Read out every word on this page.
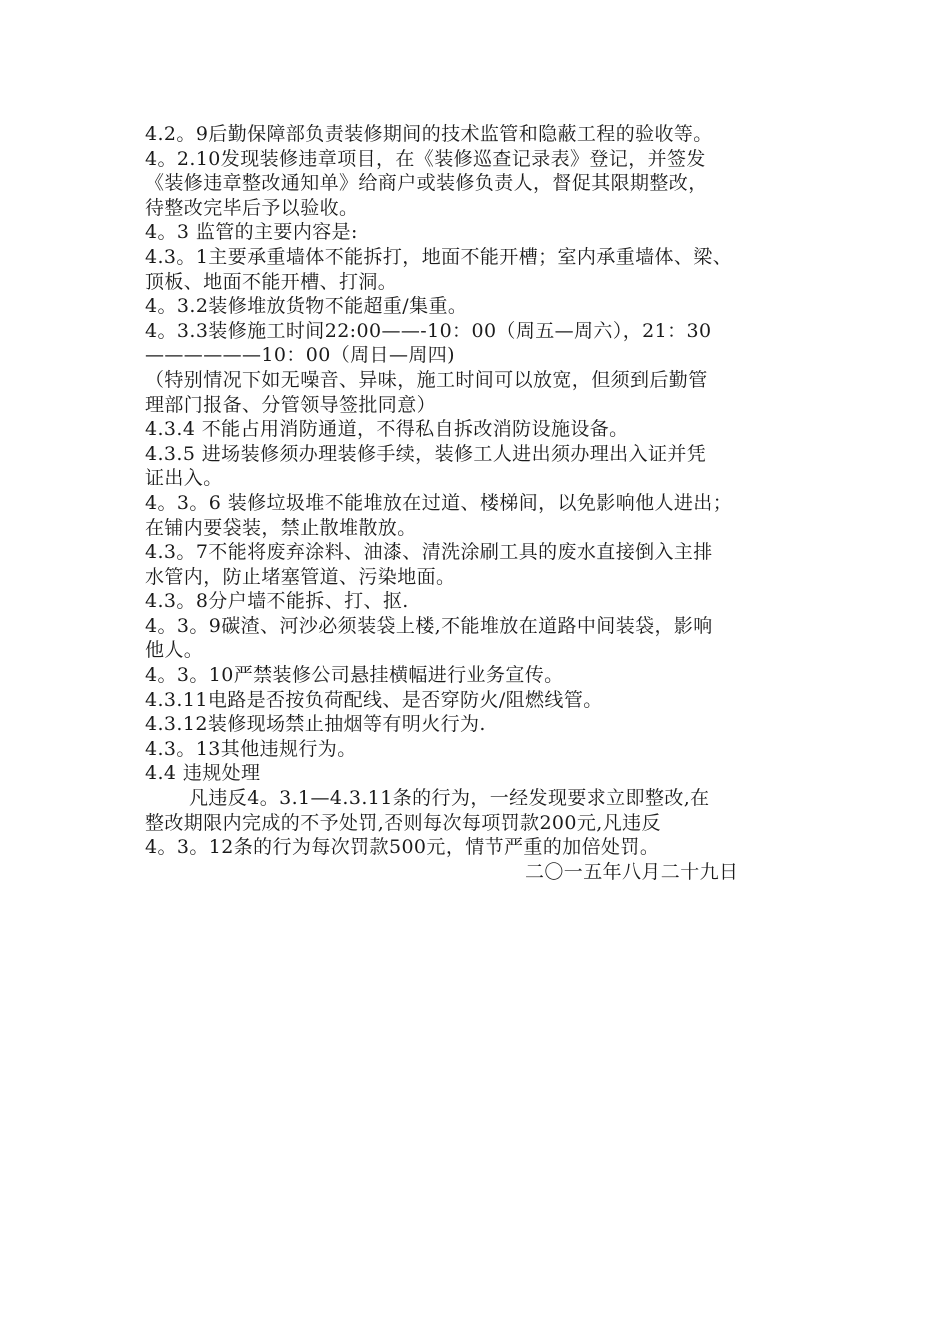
4.2。9后勤保障部负责装修期间的技术监管和隐蔽工程的验收等。
4。2.10发现装修违章项目，在《装修巡查记录表》登记，并签发
《装修违章整改通知单》给商户或装修负责人，督促其限期整改，
待整改完毕后予以验收。
4。3 监管的主要内容是:
4.3。1主要承重墙体不能拆打，地面不能开槽；室内承重墙体、梁、
顶板、地面不能开槽、打洞。
4。3.2装修堆放货物不能超重/集重。
4。3.3装修施工时间22:00——-10：00（周五—周六），21：30
——————10：00（周日—周四)
（特别情况下如无噪音、异味，施工时间可以放宽，但须到后勤管
理部门报备、分管领导签批同意）
4.3.4 不能占用消防通道，不得私自拆改消防设施设备。
4.3.5 进场装修须办理装修手续，装修工人进出须办理出入证并凭
证出入。
4。3。6 装修垃圾堆不能堆放在过道、楼梯间，以免影响他人进出；
在铺内要袋装，禁止散堆散放。
4.3。7不能将废弃涂料、油漆、清洗涂刷工具的废水直接倒入主排
水管内，防止堵塞管道、污染地面。
4.3。8分户墙不能拆、打、抠.
4。3。9碳渣、河沙必须装袋上楼,不能堆放在道路中间装袋，影响
他人。
4。3。10严禁装修公司悬挂横幅进行业务宣传。
4.3.11电路是否按负荷配线、是否穿防火/阻燃线管。
4.3.12装修现场禁止抽烟等有明火行为.
4.3。13其他违规行为。
4.4 违规处理
凡违反4。3.1—4.3.11条的行为，一经发现要求立即整改,在
整改期限内完成的不予处罚,否则每次每项罚款200元,凡违反
4。3。12条的行为每次罚款500元，情节严重的加倍处罚。
二〇一五年八月二十九日
